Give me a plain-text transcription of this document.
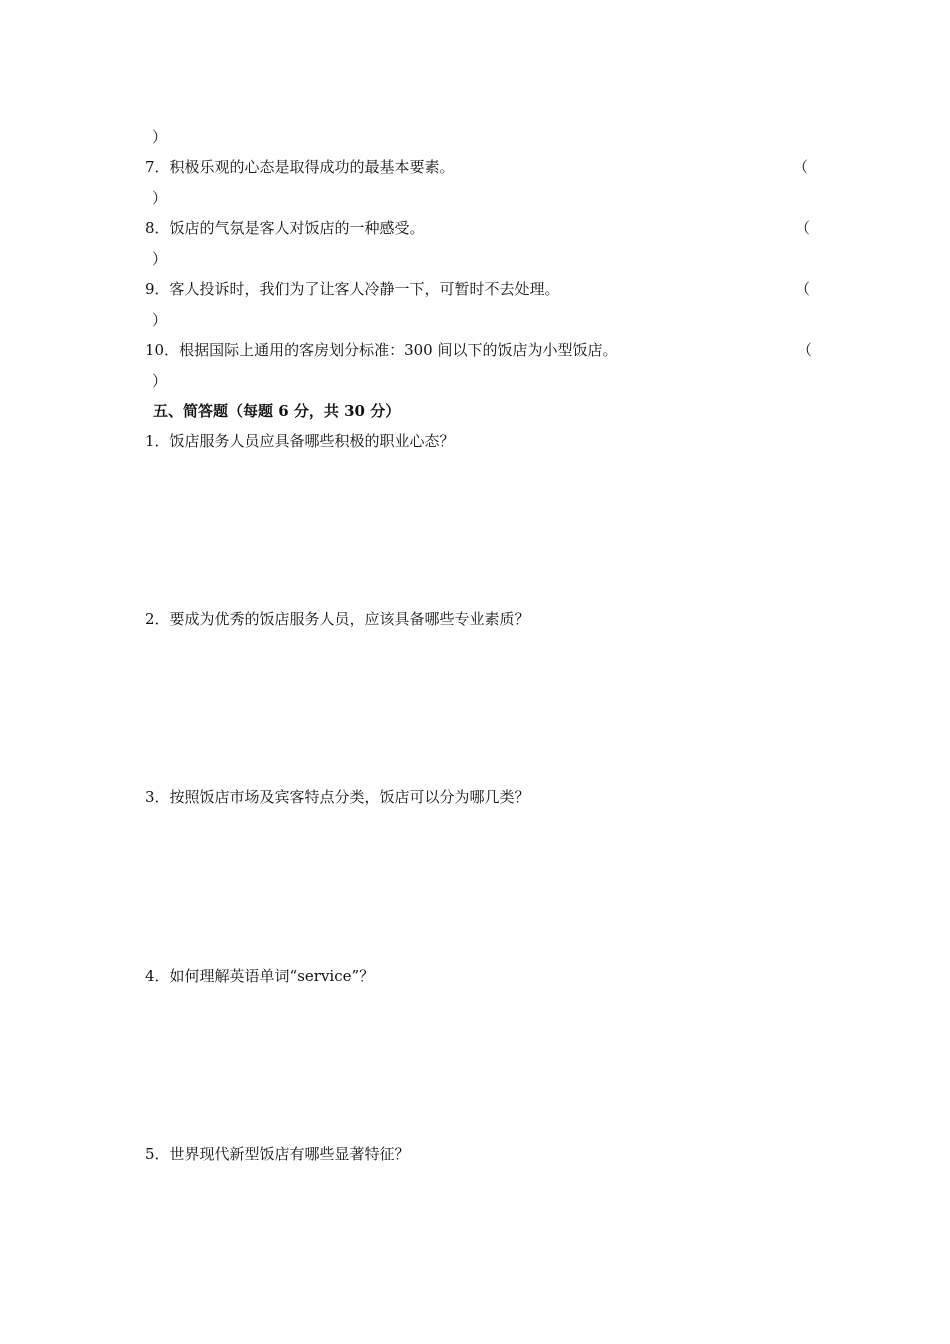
）
7．积极乐观的心态是取得成功的最基本要素。	（
）
8．饭店的气氛是客人对饭店的一种感受。	（
）
9．客人投诉时，我们为了让客人冷静一下，可暂时不去处理。	（
）
10．根据国际上通用的客房划分标准：300 间以下的饭店为小型饭店。	（
）
五、简答题（每题 6 分，共 30 分）
1．饭店服务人员应具备哪些积极的职业心态？
2．要成为优秀的饭店服务人员，应该具备哪些专业素质？
3．按照饭店市场及宾客特点分类，饭店可以分为哪几类？
4．如何理解英语单词“service”？
5．世界现代新型饭店有哪些显著特征？
